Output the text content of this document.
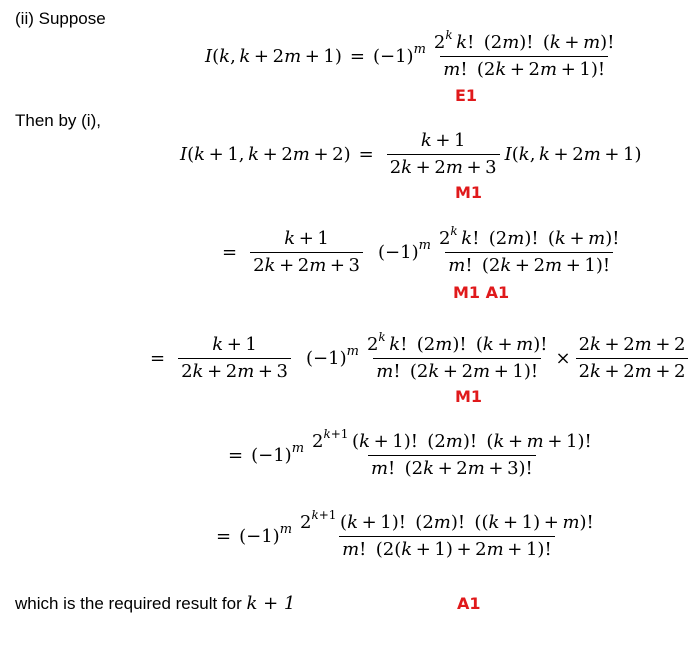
(ii) Suppose
I ( k ,  k  + 2 m  + 1) = (−1) m $\frac{2^k k! (2m)! (k + m)!}{m! (2k + 2m + 1)!}$
E1
Then by (i),
I ( k  + 1,  k  + 2 $m + 2) = \frac{k + 1}{2k + 2m + 3}$ I ( k ,  k  + 2 m  + 1)
M1
= $\frac{k + 1}{2k + 2m + 3} (-1)$ m $\frac{2^k k! (2m)! (k + m)!}{m! (2k + 2m + 1)!}$
M1 A1
= $\frac{k + 1}{2k + 2m + 3} (-1)$ m $\frac{2^k k! (2m)! (k + m)!}{m! (2k + 2m + 1)!} \times \frac{2k + 2m + 2}{2k + 2m + 2}$
M1
= (−1) m $\frac{2^{k+1} (k + 1)! (2m)! (k + m + 1)!}{m! (2k + 2m + 3)!}$
= (−1) m $\frac{2^{k+1} (k + 1)! (2m)! ((k + 1) + m)!}{m! (2(k + 1) + 2m + 1)!}$
which is the required result for k + 1	A1
